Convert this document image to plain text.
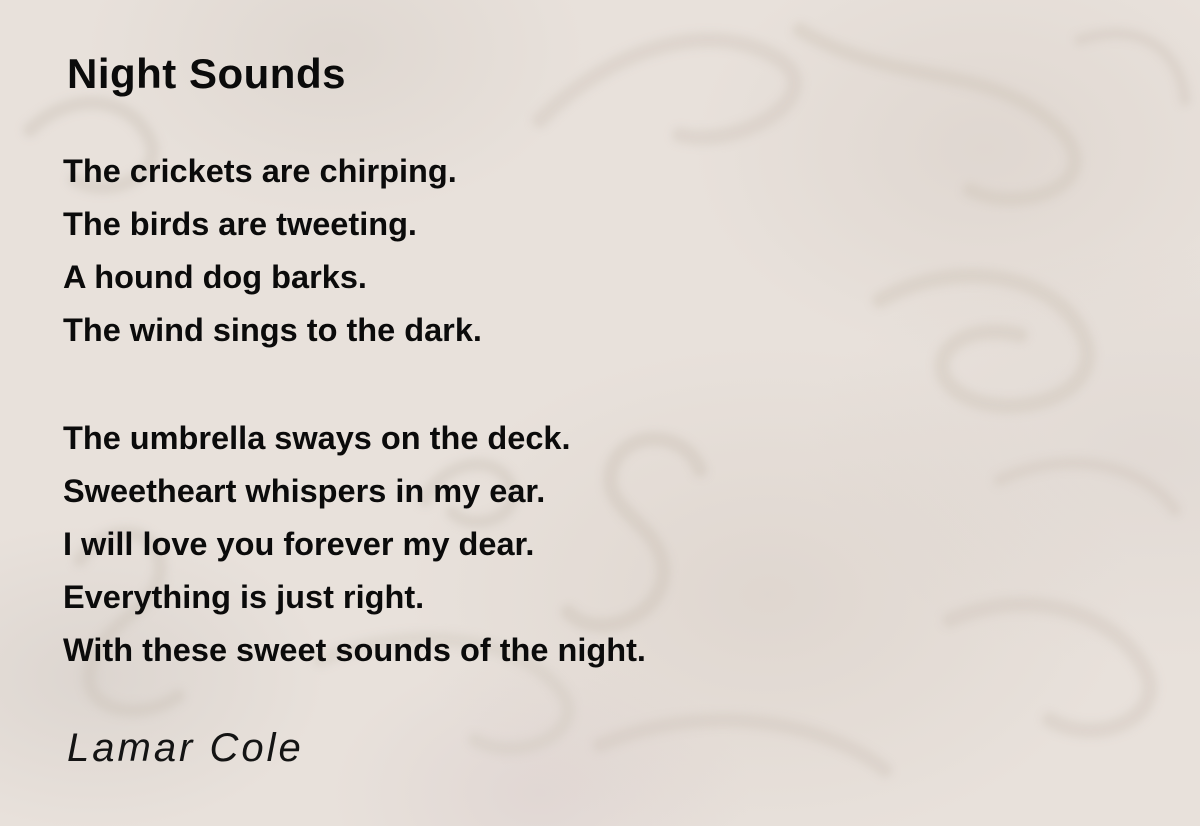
Night Sounds

The crickets are chirping.

The birds are tweeting.

A hound dog barks.

The wind sings to the dark.

The umbrella sways on the deck.

Sweetheart whispers in my ear.

I will love you forever my dear.

Everything is just right.

With these sweet sounds of the night.

Lamar Cole
